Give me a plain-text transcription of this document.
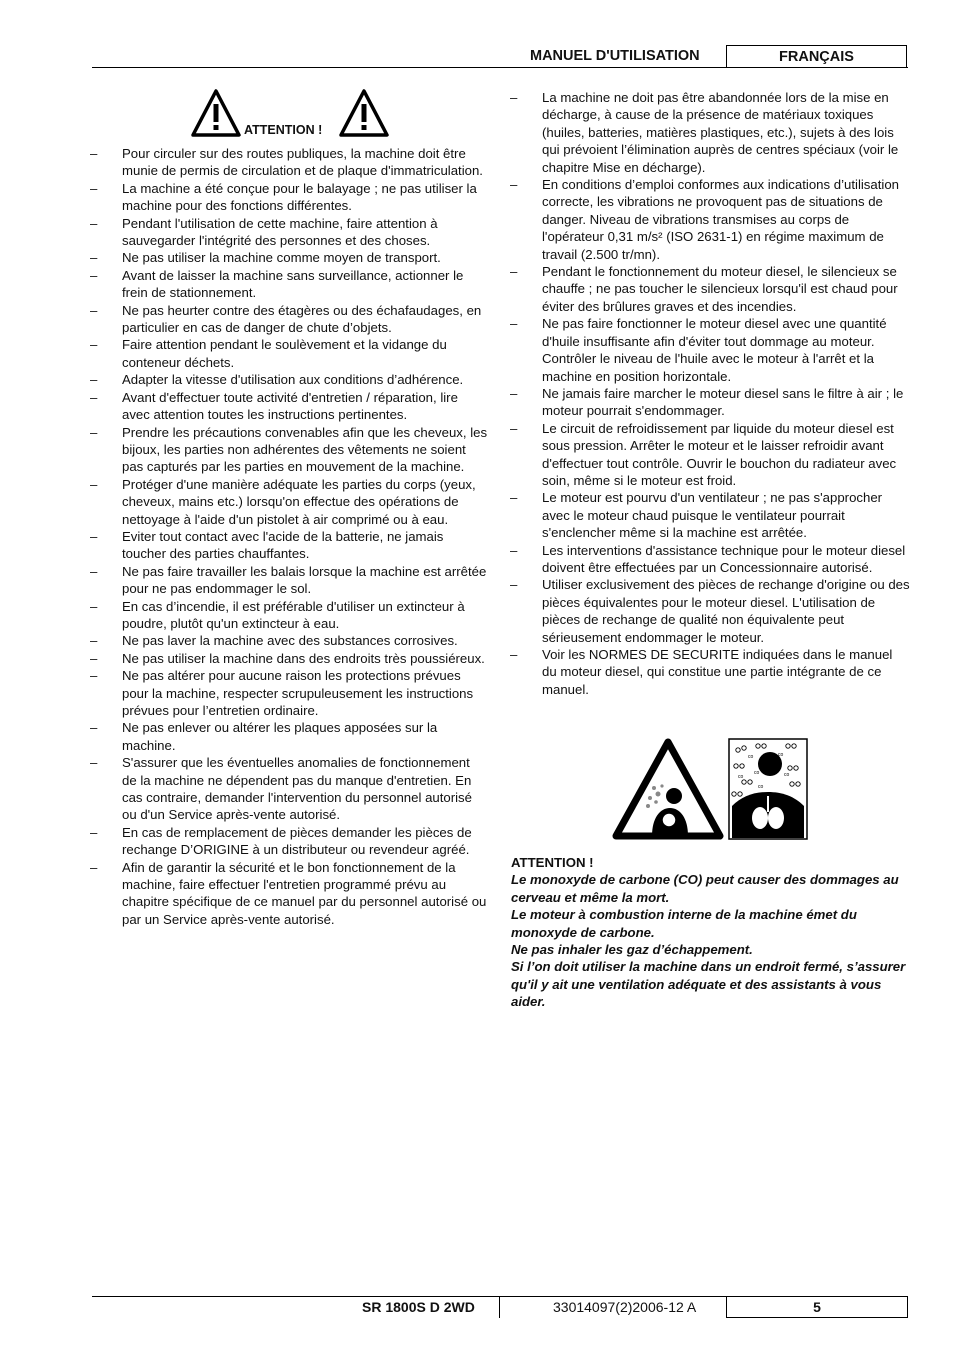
MANUEL D'UTILISATION	FRANÇAIS
ATTENTION !
– Pour circuler sur des routes publiques, la machine doit être munie de permis de circulation et de plaque d'immatriculation.
– La machine a été conçue pour le balayage ; ne pas utiliser la machine pour des fonctions différentes.
– Pendant l'utilisation de cette machine, faire attention à sauvegarder l'intégrité des personnes et des choses.
– Ne pas utiliser la machine comme moyen de transport.
– Avant de laisser la machine sans surveillance, actionner le frein de stationnement.
– Ne pas heurter contre des étagères ou des échafaudages, en particulier en cas de danger de chute d’objets.
– Faire attention pendant le soulèvement et la vidange du conteneur déchets.
– Adapter la vitesse d'utilisation aux conditions d’adhérence.
– Avant d'effectuer toute activité d'entretien / réparation, lire avec attention toutes les instructions pertinentes.
– Prendre les précautions convenables afin que les cheveux, les bijoux, les parties non adhérentes des vêtements ne soient pas capturés par les parties en mouvement de la machine.
– Protéger d'une manière adéquate les parties du corps (yeux, cheveux, mains etc.) lorsqu'on effectue des opérations de nettoyage à l'aide d'un pistolet à air comprimé ou à eau.
– Eviter tout contact avec l'acide de la batterie, ne jamais toucher des parties chauffantes.
– Ne pas faire travailler les balais lorsque la machine est arrêtée pour ne pas endommager le sol.
– En cas d’incendie, il est préférable d'utiliser un extincteur à poudre, plutôt qu'un extincteur à eau.
– Ne pas laver la machine avec des substances corrosives.
– Ne pas utiliser la machine dans des endroits très poussiéreux.
– Ne pas altérer pour aucune raison les protections prévues pour la machine, respecter scrupuleusement les instructions prévues pour l’entretien ordinaire.
– Ne pas enlever ou altérer les plaques apposées sur la machine.
– S'assurer que les éventuelles anomalies de fonctionnement de la machine ne dépendent pas du manque d'entretien. En cas contraire, demander l'intervention du personnel autorisé ou d'un Service après-vente autorisé.
– En cas de remplacement de pièces demander les pièces de rechange D’ORIGINE à un distributeur ou revendeur agréé.
– Afin de garantir la sécurité et le bon fonctionnement de la machine, faire effectuer l'entretien programmé prévu au chapitre spécifique de ce manuel par du personnel autorisé ou par un Service après-vente autorisé.
– La machine ne doit pas être abandonnée lors de la mise en décharge, à cause de la présence de matériaux toxiques (huiles, batteries, matières plastiques, etc.), sujets à des lois qui prévoient l’élimination auprès de centres spéciaux (voir le chapitre Mise en décharge).
– En conditions d’emploi conformes aux indications d’utilisation correcte, les vibrations ne provoquent pas de situations de danger. Niveau de vibrations transmises au corps de l'opérateur 0,31 m/s² (ISO 2631-1) en régime maximum de travail (2.500 tr/mn).
– Pendant le fonctionnement du moteur diesel, le silencieux se chauffe ; ne pas toucher le silencieux lorsqu'il est chaud pour éviter des brûlures graves et des incendies.
– Ne pas faire fonctionner le moteur diesel avec une quantité d'huile insuffisante afin d'éviter tout dommage au moteur. Contrôler le niveau de l'huile avec le moteur à l'arrêt et la machine en position horizontale.
– Ne jamais faire marcher le moteur diesel sans le filtre à air ; le moteur pourrait s'endommager.
– Le circuit de refroidissement par liquide du moteur diesel est sous pression. Arrêter le moteur et le laisser refroidir avant d'effectuer tout contrôle. Ouvrir le bouchon du radiateur avec soin, même si le moteur est froid.
– Le moteur est pourvu d'un ventilateur ; ne pas s'approcher avec le moteur chaud puisque le ventilateur pourrait s'enclencher même si la machine est arrêtée.
– Les interventions d'assistance technique pour le moteur diesel doivent être effectuées par un Concessionnaire autorisé.
– Utiliser exclusivement des pièces de rechange d'origine ou des pièces équivalentes pour le moteur diesel. L'utilisation de pièces de rechange de qualité non équivalente peut sérieusement endommager le moteur.
– Voir les NORMES DE SECURITE indiquées dans le manuel du moteur diesel, qui constitue une partie intégrante de ce manuel.
co	co
co	co
co
co
ATTENTION !
Le monoxyde de carbone (CO) peut causer des dommages au cerveau et même la mort.
Le moteur à combustion interne de la machine émet du monoxyde de carbone.
Ne pas inhaler les gaz d’échappement.
Si l’on doit utiliser la machine dans un endroit fermé, s’assurer qu'il y ait une ventilation adéquate et des assistants à vous aider.
SR 1800S D 2WD	33014097(2)2006-12 A	5
